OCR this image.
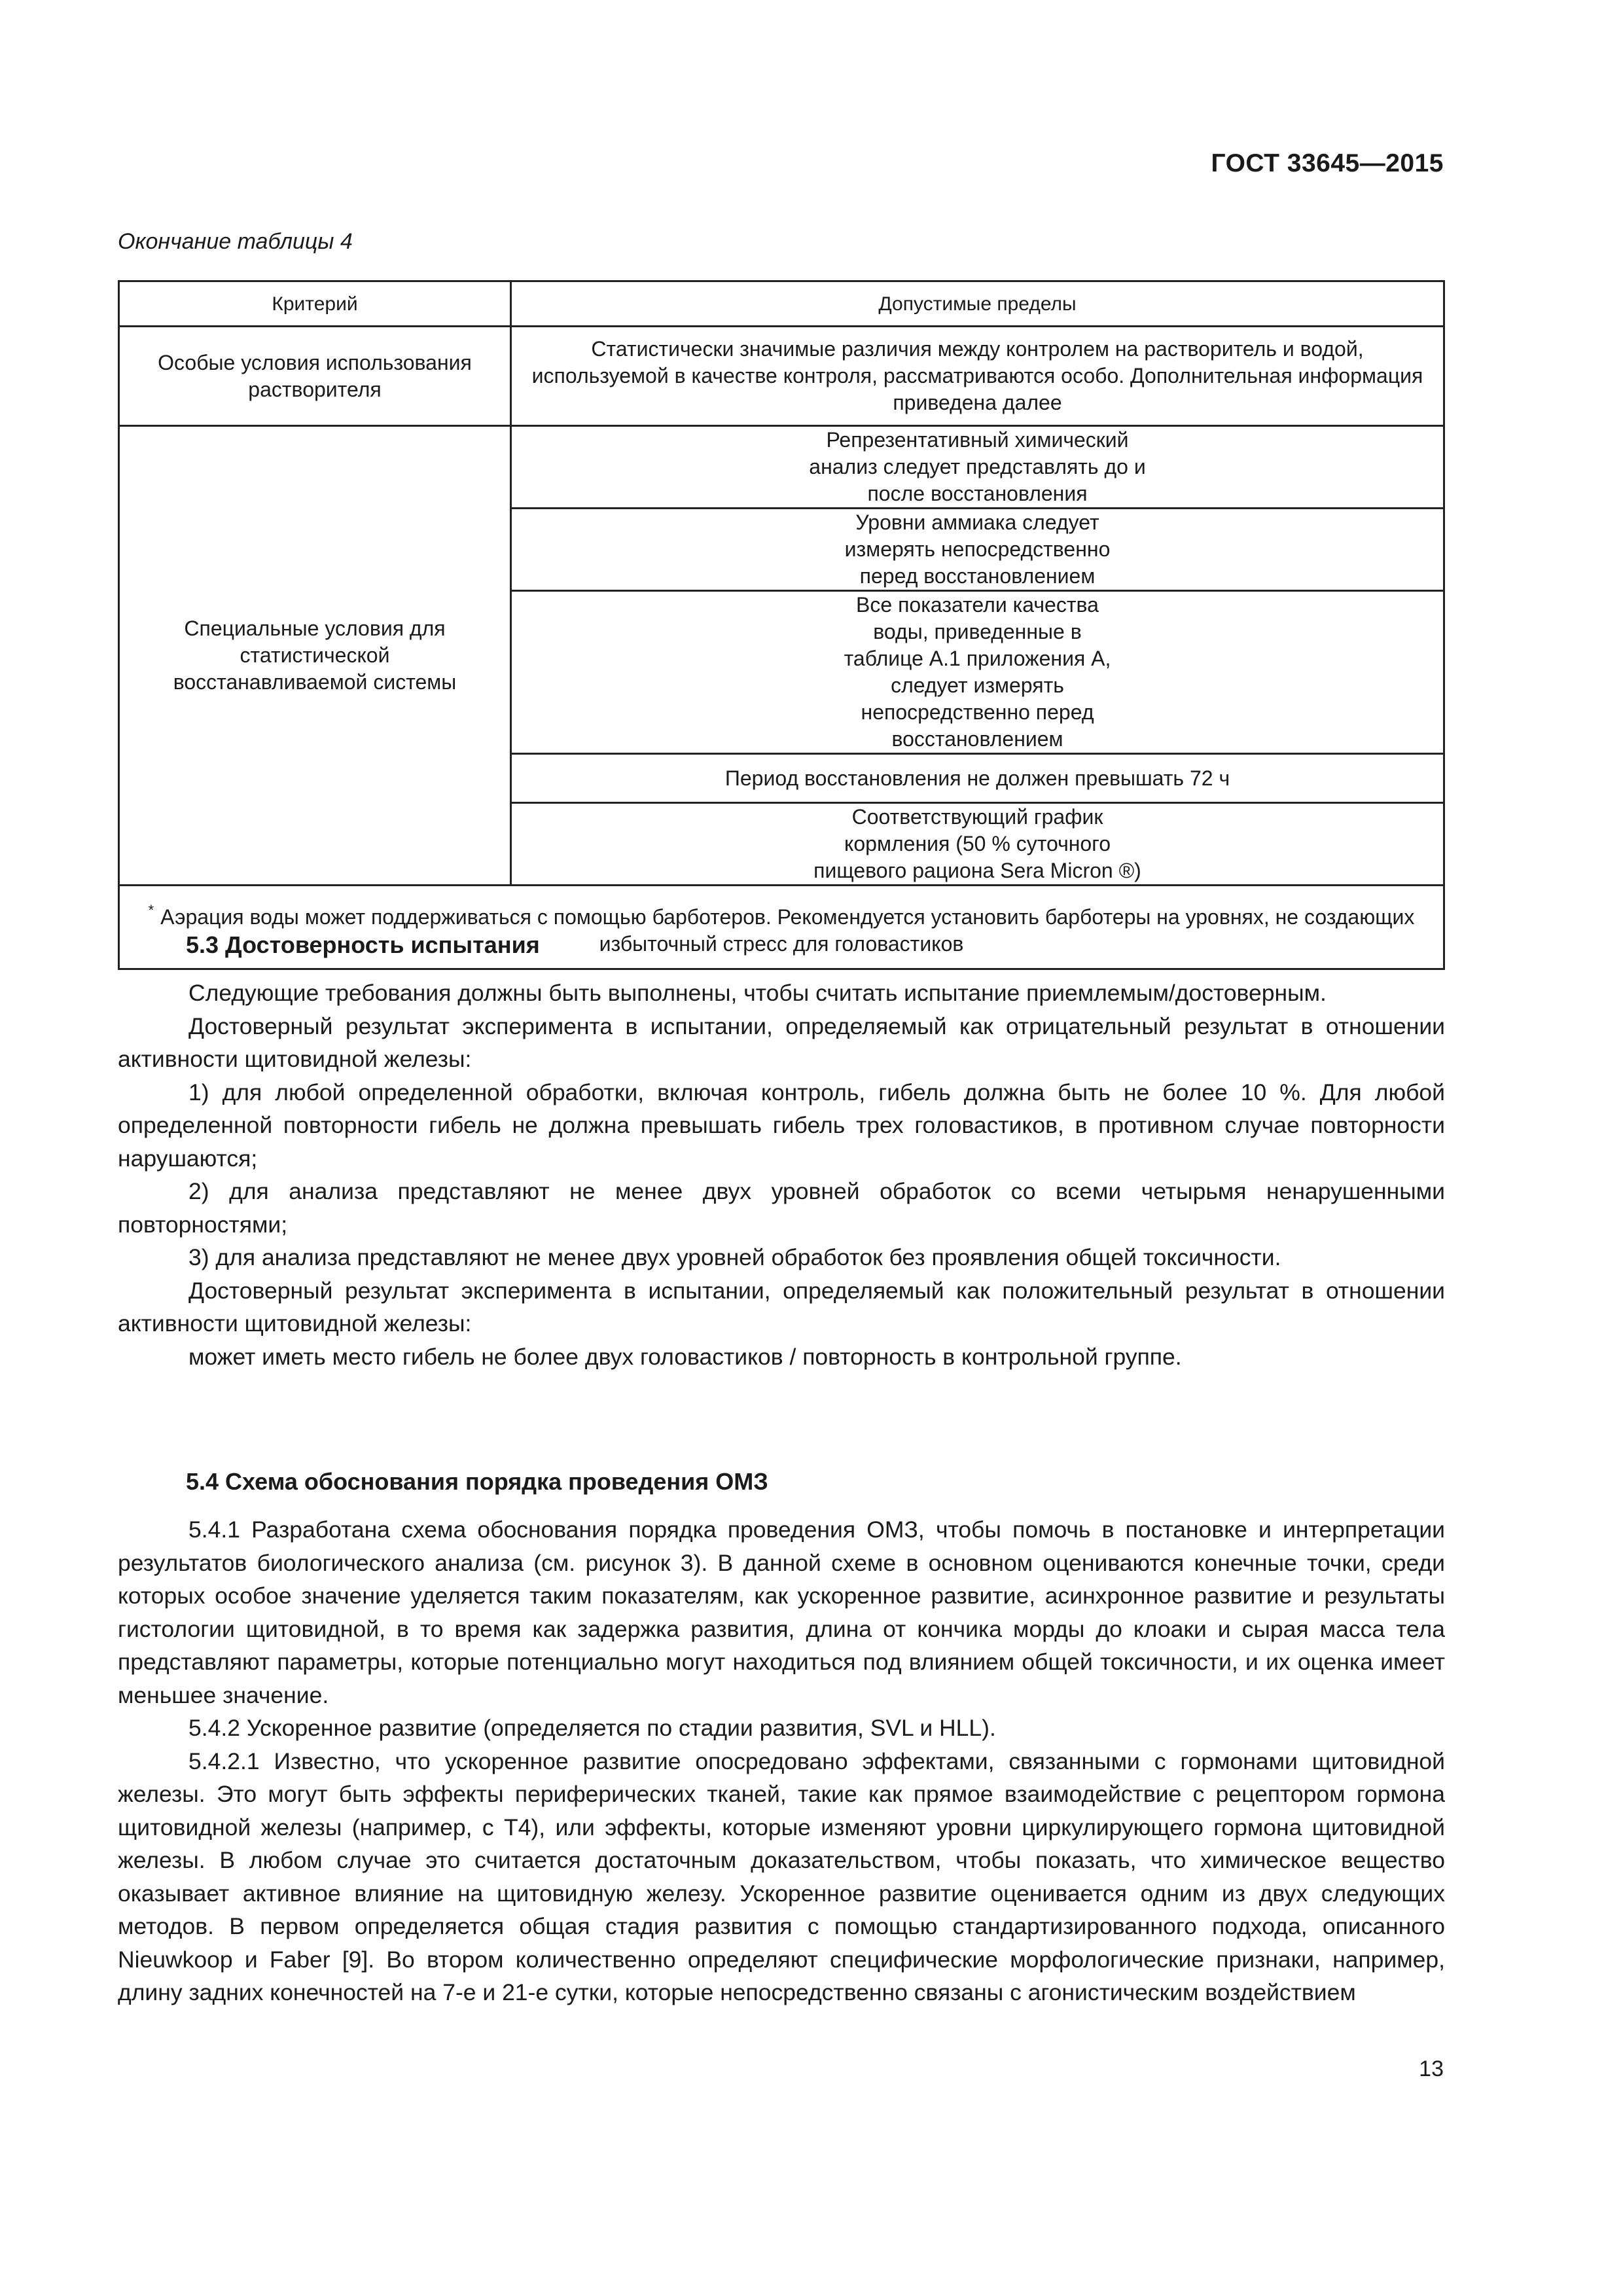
ГОСТ 33645—2015
Окончание таблицы 4
Критерий	Допустимые пределы
Особые условия использования растворителя	Статистически значимые различия между контролем на растворитель и водой, используемой в качестве контроля, рассматриваются особо. Дополнительная информация приведена далее
Специальные условия для статистической восстанавливаемой системы	Репрезентативный химический анализ следует представлять до и после восстановления
	Уровни аммиака следует измерять непосредственно перед восстановлением
	Все показатели качества воды, приведенные в таблице А.1 приложения А, следует измерять непосредственно перед восстановлением
	Период восстановления не должен превышать 72 ч
	Соответствующий график кормления (50 % суточного пищевого рациона Sera Micron ®)
* Аэрация воды может поддерживаться с помощью барботеров. Рекомендуется установить барботеры на уровнях, не создающих избыточный стресс для головастиков	
5.3 Достоверность испытания

Следующие требования должны быть выполнены, чтобы считать испытание приемлемым/достоверным.

Достоверный результат эксперимента в испытании, определяемый как отрицательный результат в отношении активности щитовидной железы:

1) для любой определенной обработки, включая контроль, гибель должна быть не более 10 %. Для любой определенной повторности гибель не должна превышать гибель трех головастиков, в противном случае повторности нарушаются;

2) для анализа представляют не менее двух уровней обработок со всеми четырьмя ненарушенными повторностями;

3) для анализа представляют не менее двух уровней обработок без проявления общей токсичности.

Достоверный результат эксперимента в испытании, определяемый как положительный результат в отношении активности щитовидной железы:

может иметь место гибель не более двух головастиков / повторность в контрольной группе.

5.4 Схема обоснования порядка проведения ОМЗ

5.4.1 Разработана схема обоснования порядка проведения ОМЗ, чтобы помочь в постановке и интерпретации результатов биологического анализа (см. рисунок 3). В данной схеме в основном оцениваются конечные точки, среди которых особое значение уделяется таким показателям, как ускоренное развитие, асинхронное развитие и результаты гистологии щитовидной, в то время как задержка развития, длина от кончика морды до клоаки и сырая масса тела представляют параметры, которые потенциально могут находиться под влиянием общей токсичности, и их оценка имеет меньшее значение.

5.4.2 Ускоренное развитие (определяется по стадии развития, SVL и HLL).

5.4.2.1 Известно, что ускоренное развитие опосредовано эффектами, связанными с гормонами щитовидной железы. Это могут быть эффекты периферических тканей, такие как прямое взаимодействие с рецептором гормона щитовидной железы (например, с Т4), или эффекты, которые изменяют уровни циркулирующего гормона щитовидной железы. В любом случае это считается достаточным доказательством, чтобы показать, что химическое вещество оказывает активное влияние на щитовидную железу. Ускоренное развитие оценивается одним из двух следующих методов. В первом определяется общая стадия развития с помощью стандартизированного подхода, описанного Nieuwkoop и Faber [9]. Во втором количественно определяют специфические морфологические признаки, например, длину задних конечностей на 7-е и 21-е сутки, которые непосредственно связаны с агонистическим воздействием

13
